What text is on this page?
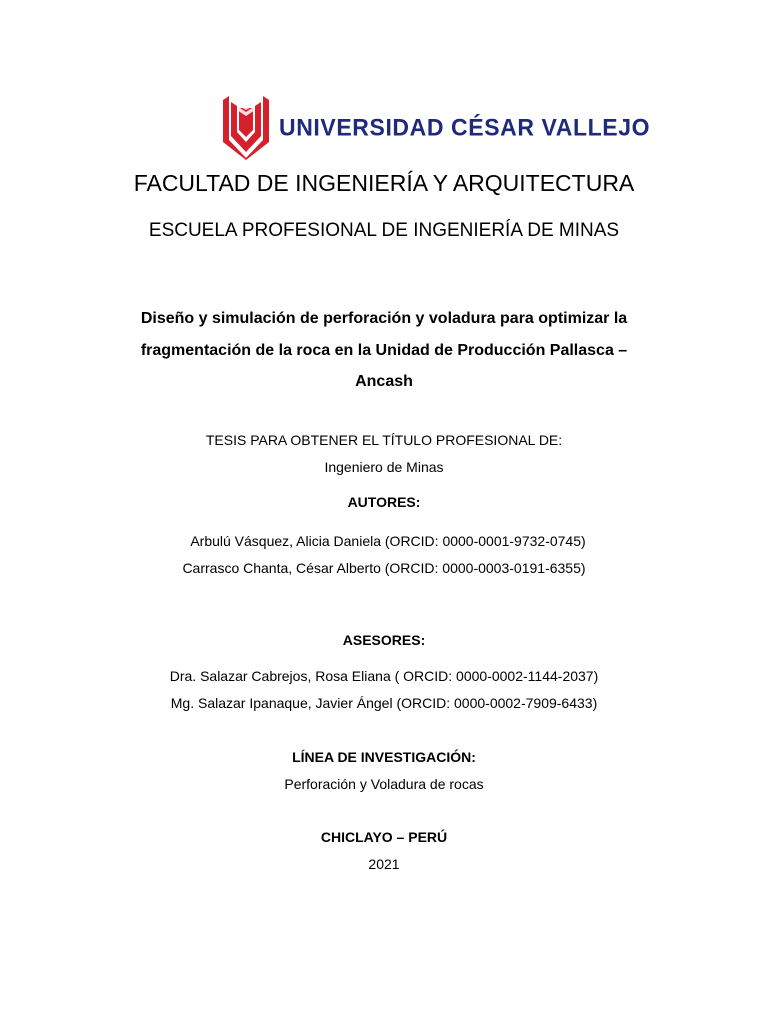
UNIVERSIDAD CÉSAR VALLEJO
FACULTAD DE INGENIERÍA Y ARQUITECTURA
ESCUELA PROFESIONAL DE INGENIERÍA DE MINAS
Diseño y simulación de perforación y voladura para optimizar la
fragmentación de la roca en la Unidad de Producción Pallasca –
Ancash
TESIS PARA OBTENER EL TÍTULO PROFESIONAL DE:
Ingeniero de Minas
AUTORES:
Arbulú Vásquez, Alicia Daniela (ORCID: 0000-0001-9732-0745)
Carrasco Chanta, César Alberto (ORCID: 0000-0003-0191-6355)
ASESORES:
Dra. Salazar Cabrejos, Rosa Eliana ( ORCID: 0000-0002-1144-2037)
Mg. Salazar Ipanaque, Javier Ángel (ORCID: 0000-0002-7909-6433)
LÍNEA DE INVESTIGACIÓN:
Perforación y Voladura de rocas
CHICLAYO – PERÚ
2021
